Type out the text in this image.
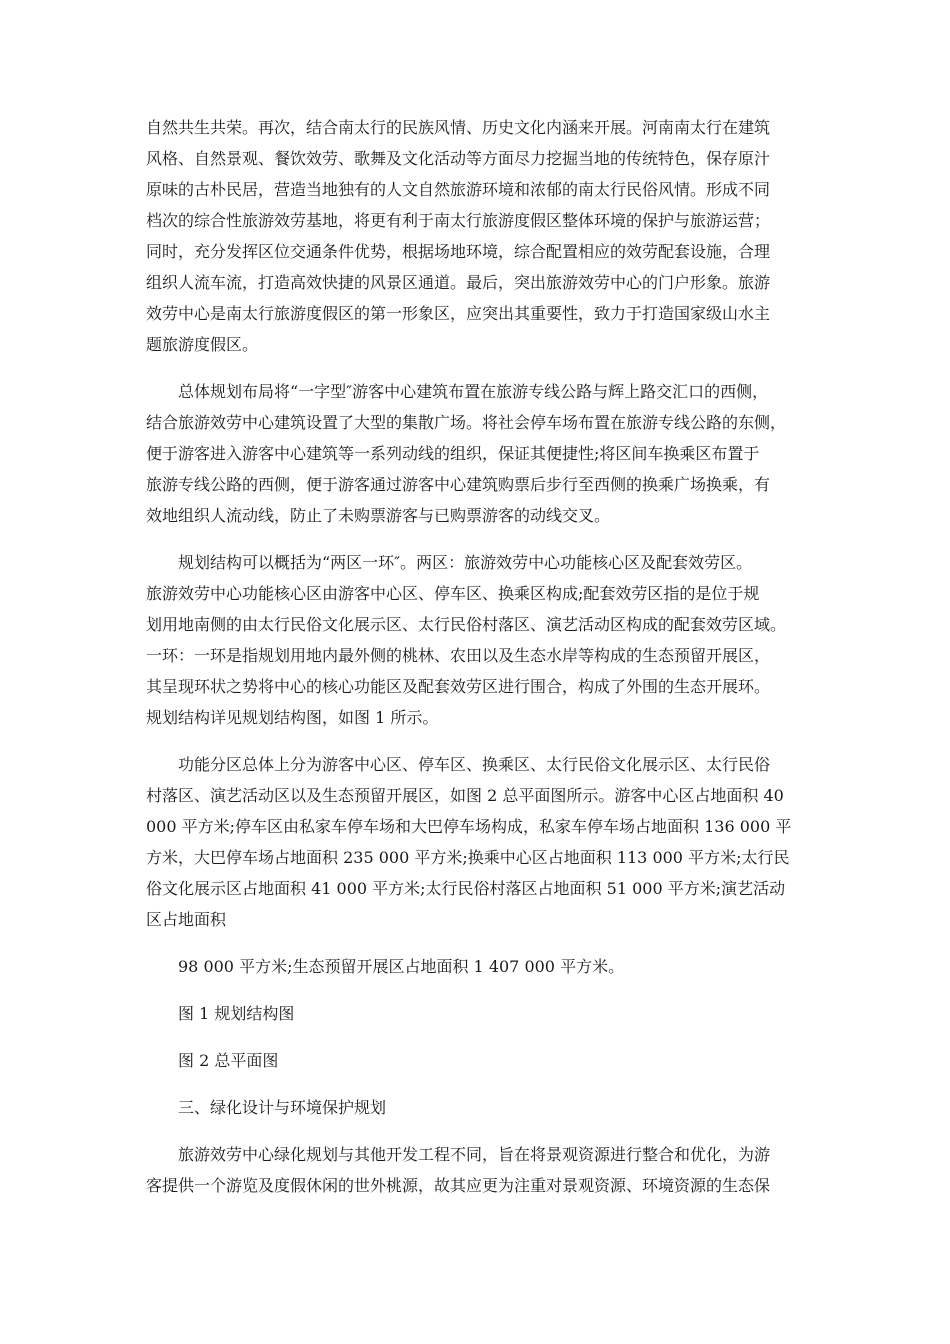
自然共生共荣。再次，结合南太行的民族风情、历史文化内涵来开展。河南南太行在建筑
风格、自然景观、餐饮效劳、歌舞及文化活动等方面尽力挖掘当地的传统特色，保存原汁
原味的古朴民居，营造当地独有的人文自然旅游环境和浓郁的南太行民俗风情。形成不同
档次的综合性旅游效劳基地，将更有利于南太行旅游度假区整体环境的保护与旅游运营；
同时，充分发挥区位交通条件优势，根据场地环境，综合配置相应的效劳配套设施，合理
组织人流车流，打造高效快捷的风景区通道。最后，突出旅游效劳中心的门户形象。旅游
效劳中心是南太行旅游度假区的第一形象区，应突出其重要性，致力于打造国家级山水主
题旅游度假区。
总体规划布局将“一字型″游客中心建筑布置在旅游专线公路与辉上路交汇口的西侧，
结合旅游效劳中心建筑设置了大型的集散广场。将社会停车场布置在旅游专线公路的东侧，
便于游客进入游客中心建筑等一系列动线的组织，保证其便捷性;将区间车换乘区布置于
旅游专线公路的西侧，便于游客通过游客中心建筑购票后步行至西侧的换乘广场换乘，有
效地组织人流动线，防止了未购票游客与已购票游客的动线交叉。
规划结构可以概括为“两区一环″。两区：旅游效劳中心功能核心区及配套效劳区。
旅游效劳中心功能核心区由游客中心区、停车区、换乘区构成;配套效劳区指的是位于规
划用地南侧的由太行民俗文化展示区、太行民俗村落区、演艺活动区构成的配套效劳区域。
一环：一环是指规划用地内最外侧的桃林、农田以及生态水岸等构成的生态预留开展区，
其呈现环状之势将中心的核心功能区及配套效劳区进行围合，构成了外围的生态开展环。
规划结构详见规划结构图，如图 1 所示。
功能分区总体上分为游客中心区、停车区、换乘区、太行民俗文化展示区、太行民俗
村落区、演艺活动区以及生态预留开展区，如图 2 总平面图所示。游客中心区占地面积 40
000 平方米;停车区由私家车停车场和大巴停车场构成，私家车停车场占地面积 136 000 平
方米，大巴停车场占地面积 235 000 平方米;换乘中心区占地面积 113 000 平方米;太行民
俗文化展示区占地面积 41 000 平方米;太行民俗村落区占地面积 51 000 平方米;演艺活动
区占地面积
98 000 平方米;生态预留开展区占地面积 1 407 000 平方米。
图 1 规划结构图
图 2 总平面图
三、绿化设计与环境保护规划
旅游效劳中心绿化规划与其他开发工程不同，旨在将景观资源进行整合和优化，为游
客提供一个游览及度假休闲的世外桃源，故其应更为注重对景观资源、环境资源的生态保
